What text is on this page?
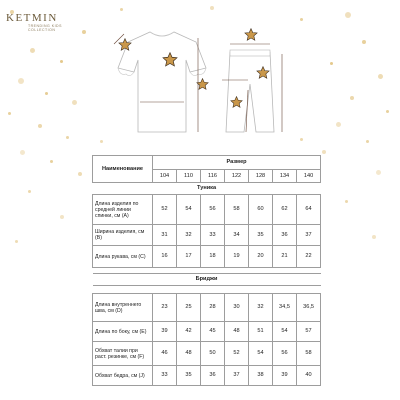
KETMIN
TRENDING KIDS COLLECTION
Наименование	Размер						
	104	110	116	122	128	134	140
Туника							
Длина изделия по средней линии спинки, см (A)	52	54	56	58	60	62	64
Ширина изделия, см (B)	31	32	33	34	35	36	37
Длина рукава, см (C)	16	17	18	19	20	21	22

Бриджи							

Длина внутреннего шва, см (D)	23	25	28	30	32	34,5	36,5
Длина по боку, см (E)	39	42	45	48	51	54	57
Обхват талии при раст. резинке, см (F)	46	48	50	52	54	56	58
Обхват бедра, см (J)	33	35	36	37	38	39	40
